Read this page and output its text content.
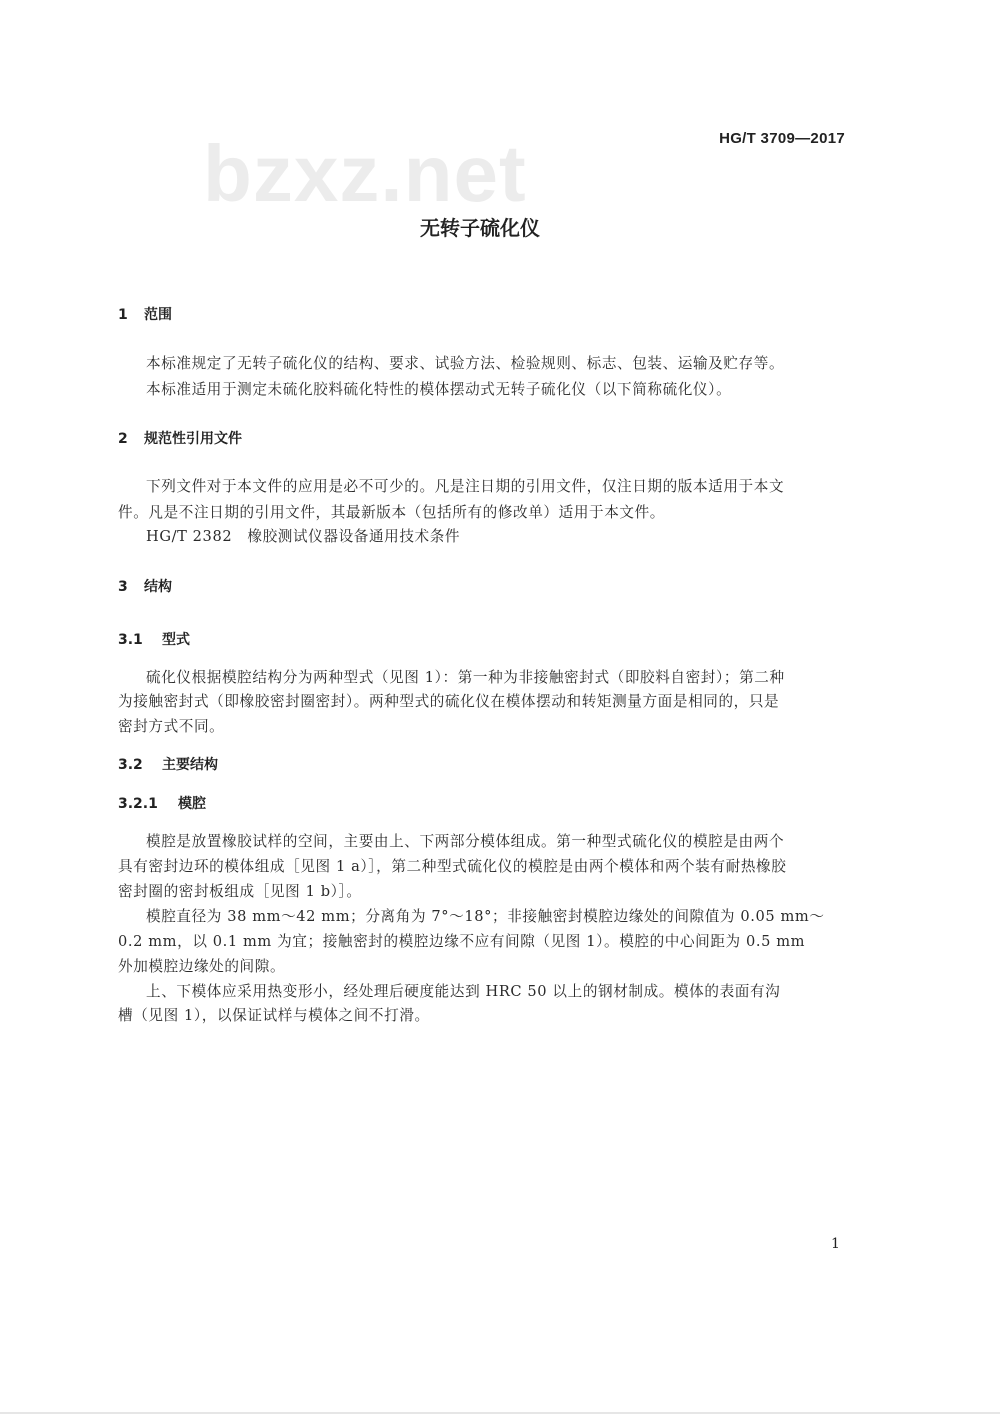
bzxz.net	HG/T 3709—2017
无转子硫化仪
1 范围
本标准规定了无转子硫化仪的结构、要求、试验方法、检验规则、标志、包装、运输及贮存等。
本标准适用于测定未硫化胶料硫化特性的模体摆动式无转子硫化仪（以下简称硫化仪）。
2 规范性引用文件
下列文件对于本文件的应用是必不可少的。凡是注日期的引用文件，仅注日期的版本适用于本文
件。凡是不注日期的引用文件，其最新版本（包括所有的修改单）适用于本文件。
HG/T 2382　橡胶测试仪器设备通用技术条件
3 结构
3.1 型式
硫化仪根据模腔结构分为两种型式（见图 1）：第一种为非接触密封式（即胶料自密封）；第二种
为接触密封式（即橡胶密封圈密封）。两种型式的硫化仪在模体摆动和转矩测量方面是相同的，只是
密封方式不同。
3.2 主要结构
3.2.1 模腔
模腔是放置橡胶试样的空间，主要由上、下两部分模体组成。第一种型式硫化仪的模腔是由两个
具有密封边环的模体组成［见图 1 a）］，第二种型式硫化仪的模腔是由两个模体和两个装有耐热橡胶
密封圈的密封板组成［见图 1 b）］。
模腔直径为 38 mm～42 mm；分离角为 7°～18°；非接触密封模腔边缘处的间隙值为 0.05 mm～
0.2 mm，以 0.1 mm 为宜；接触密封的模腔边缘不应有间隙（见图 1）。模腔的中心间距为 0.5 mm
外加模腔边缘处的间隙。
上、下模体应采用热变形小，经处理后硬度能达到 HRC 50 以上的钢材制成。模体的表面有沟
槽（见图 1），以保证试样与模体之间不打滑。
1
